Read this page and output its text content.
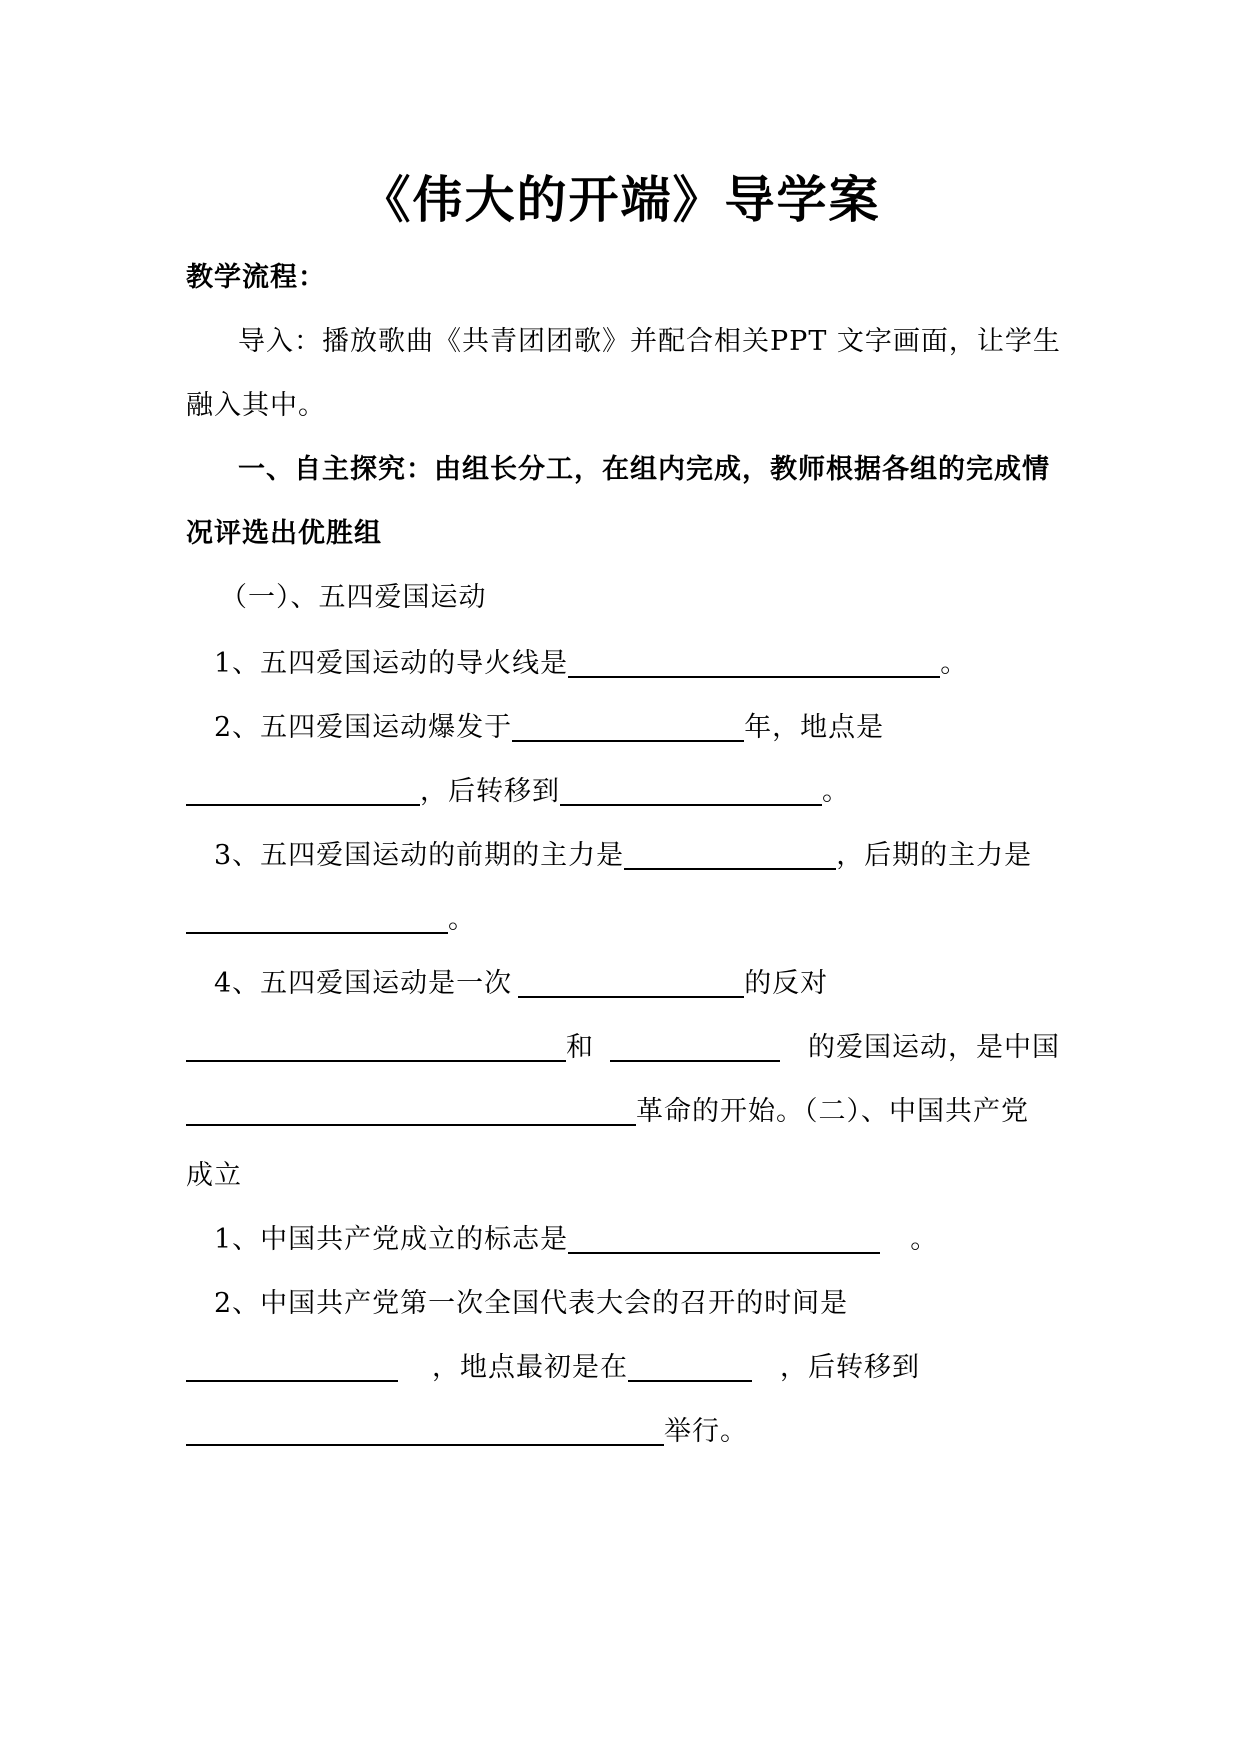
《伟大的开端》导学案
教学流程：
导入：播放歌曲《共青团团歌》并配合相关PPT 文字画面，让学生
融入其中。
一、自主探究：由组长分工，在组内完成，教师根据各组的完成情
况评选出优胜组
（一）、五四爱国运动
1、五四爱国运动的导火线是	。
2、五四爱国运动爆发于	年，地点是
，后转移到	。
3、五四爱国运动的前期的主力是	，后期的主力是
。
4、五四爱国运动是一次	的反对
和	的爱国运动，是中国
革命的开始。（二）、中国共产党
成立
1、中国共产党成立的标志是	。
2、中国共产党第一次全国代表大会的召开的时间是
，地点最初是在	，后转移到
举行。
